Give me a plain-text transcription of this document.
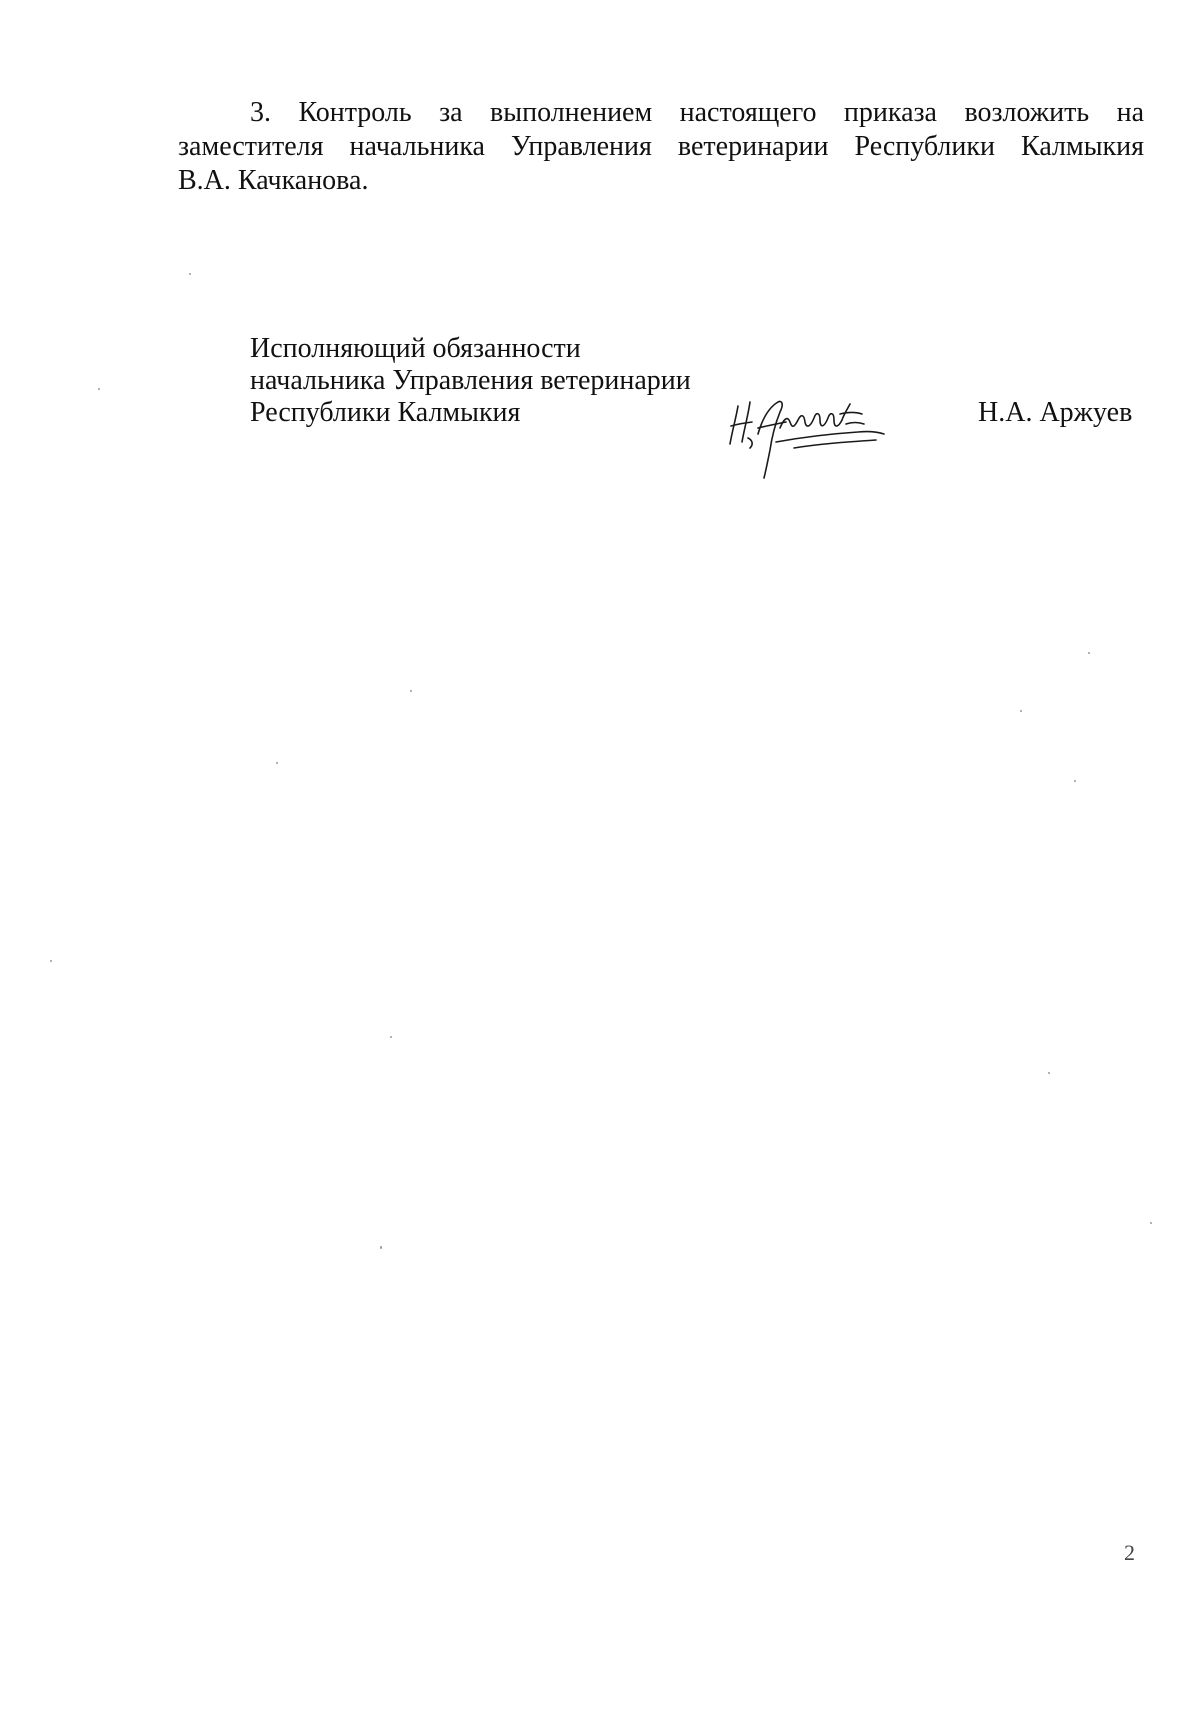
3. Контроль за выполнением настоящего приказа возложить на
заместителя начальника Управления ветеринарии Республики Калмыкия
В.А. Качканова.
Исполняющий обязанности
начальника Управления ветеринарии
Республики Калмыкия	Н.А. Аржуев
2
